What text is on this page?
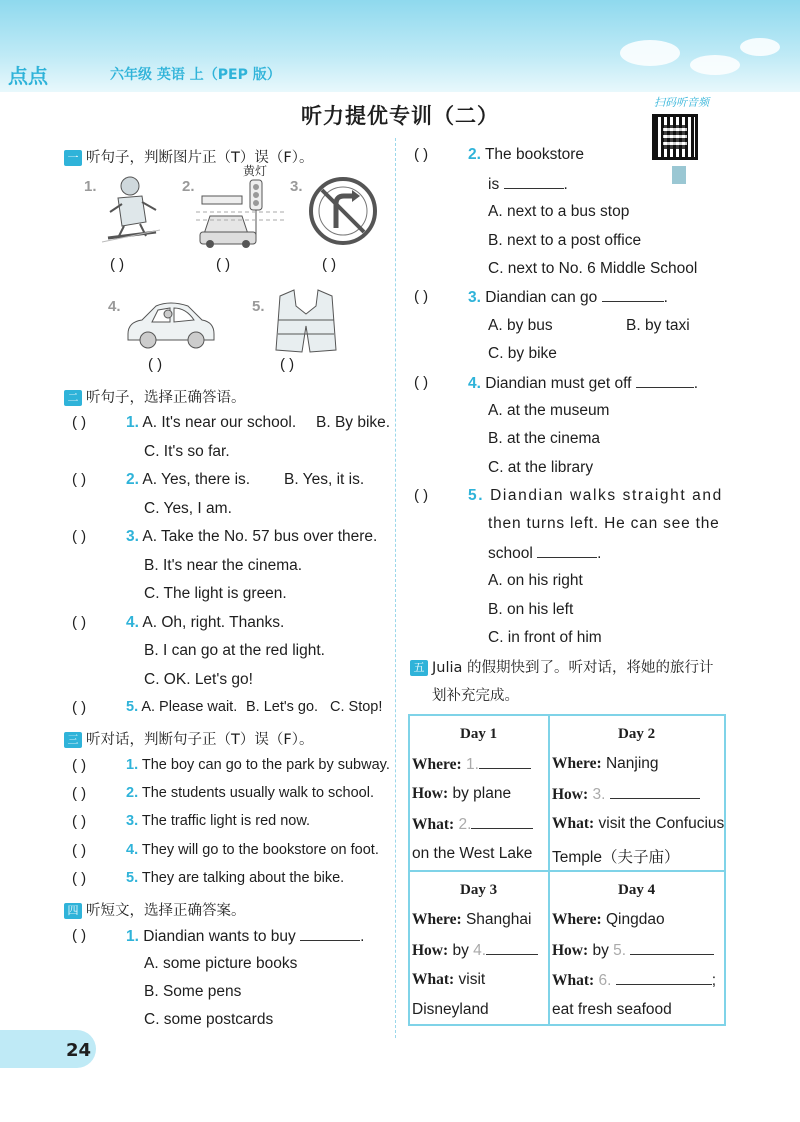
点点	六年级 英语 上（PEP 版）
听力提优专训（二）
扫码听音频
一 听句子，判断图片正（T）误（F）。
1.
( )
2.
黄灯
( )
3.
( )
4.
( )
5.
( )
二 听句子，选择正确答语。
( )	1. A. It's near our school. B. By bike.
C. It's so far.
( )	2. A. Yes, there is. B. Yes, it is.
C. Yes, I am.
( )	3. A. Take the No. 57 bus over there.
B. It's near the cinema.
C. The light is green.
( )	4. A. Oh, right. Thanks.
B. I can go at the red light.
C. OK. Let's go!
( )	5. A. Please wait. B. Let's go. C. Stop!
三 听对话，判断句子正（T）误（F）。
( )	1. The boy can go to the park by subway.
( )	2. The students usually walk to school.
( )	3. The traffic light is red now.
( )	4. They will go to the bookstore on foot.
( )	5. They are talking about the bike.
四 听短文，选择正确答案。
( )	1. Diandian wants to buy	.
A. some picture books
B. Some pens
C. some postcards
( )	2. The bookstore
is	.
A. next to a bus stop
B. next to a post office
C. next to No. 6 Middle School
( )	3. Diandian can go	.
A. by bus	B. by taxi
C. by bike
( )	4. Diandian must get off	.
A. at the museum
B. at the cinema
C. at the library
( )	5. Diandian walks straight and
then turns left. He can see the
school	.
A. on his right
B. on his left
C. in front of him
五 Julia 的假期快到了。听对话，将她的旅行计
划补充完成。
Day 1
Where: 1.
How: by plane
What: 2.
on the West Lake
Day 2
Where: Nanjing
How: 3.
What: visit the Confucius
Temple（夫子庙）
Day 3
Where: Shanghai
How: by 4.
What: visit
Disneyland
Day 4
Where: Qingdao
How: by 5.
What: 6.	;
eat fresh seafood
24
